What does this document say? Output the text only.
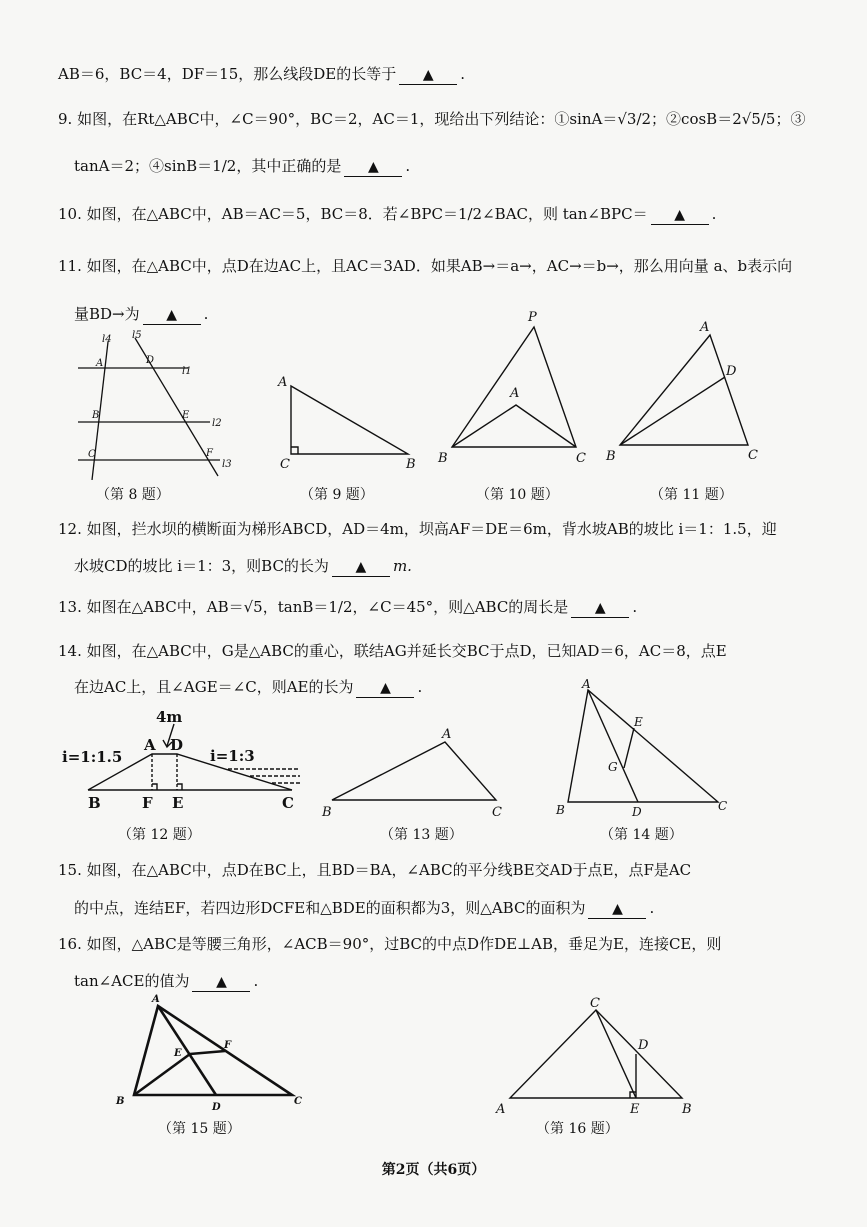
AB＝6，BC＝4，DF＝15，那么线段DE的长等于 ▲ .
9. 如图，在Rt△ABC中，∠C＝90°，BC＝2，AC＝1，现给出下列结论：①sinA＝√3/2；②cosB＝2√5/5；③
tanA＝2；④sinB＝1/2，其中正确的是 ▲ .
10. 如图，在△ABC中，AB＝AC＝5，BC＝8．若∠BPC＝1/2∠BAC，则 tan∠BPC＝ ▲ .
11. 如图，在△ABC中，点D在边AC上，且AC＝3AD．如果AB→＝a→，AC→＝b→，那么用向量 a、b表示向
量BD→为 ▲ .
l4 l5
A	D
l1
B	E
l2
C	F
l3
（第 8 题）
A
C	B
（第 9 题）
P
A
B	C
（第 10 题）
A
D
B	C
（第 11 题）
12. 如图，拦水坝的横断面为梯形ABCD，AD＝4m，坝高AF＝DE＝6m，背水坡AB的坡比 i＝1：1.5，迎
水坡CD的坡比 i＝1：3，则BC的长为 ▲ m.
13. 如图在△ABC中，AB＝√5，tanB＝1/2，∠C＝45°，则△ABC的周长是 ▲ .
14. 如图，在△ABC中，G是△ABC的重心，联结AG并延长交BC于点D，已知AD＝6，AC＝8，点E
在边AC上，且∠AGE＝∠C，则AE的长为 ▲ .
4m
A D
i=1:1.5	i=1:3
B	F E	C
（第 12 题）
A
B	C
（第 13 题）
A
E
G
B	D	C
（第 14 题）
15. 如图，在△ABC中，点D在BC上，且BD＝BA，∠ABC的平分线BE交AD于点E，点F是AC
的中点，连结EF，若四边形DCFE和△BDE的面积都为3，则△ABC的面积为 ▲ .
16. 如图，△ABC是等腰三角形，∠ACB＝90°，过BC的中点D作DE⊥AB，垂足为E，连接CE，则
tan∠ACE的值为 ▲ .
A
E
F
B
D
C
（第 15 题）
C
D
A	E	B
（第 16 题）
第2页（共6页）
